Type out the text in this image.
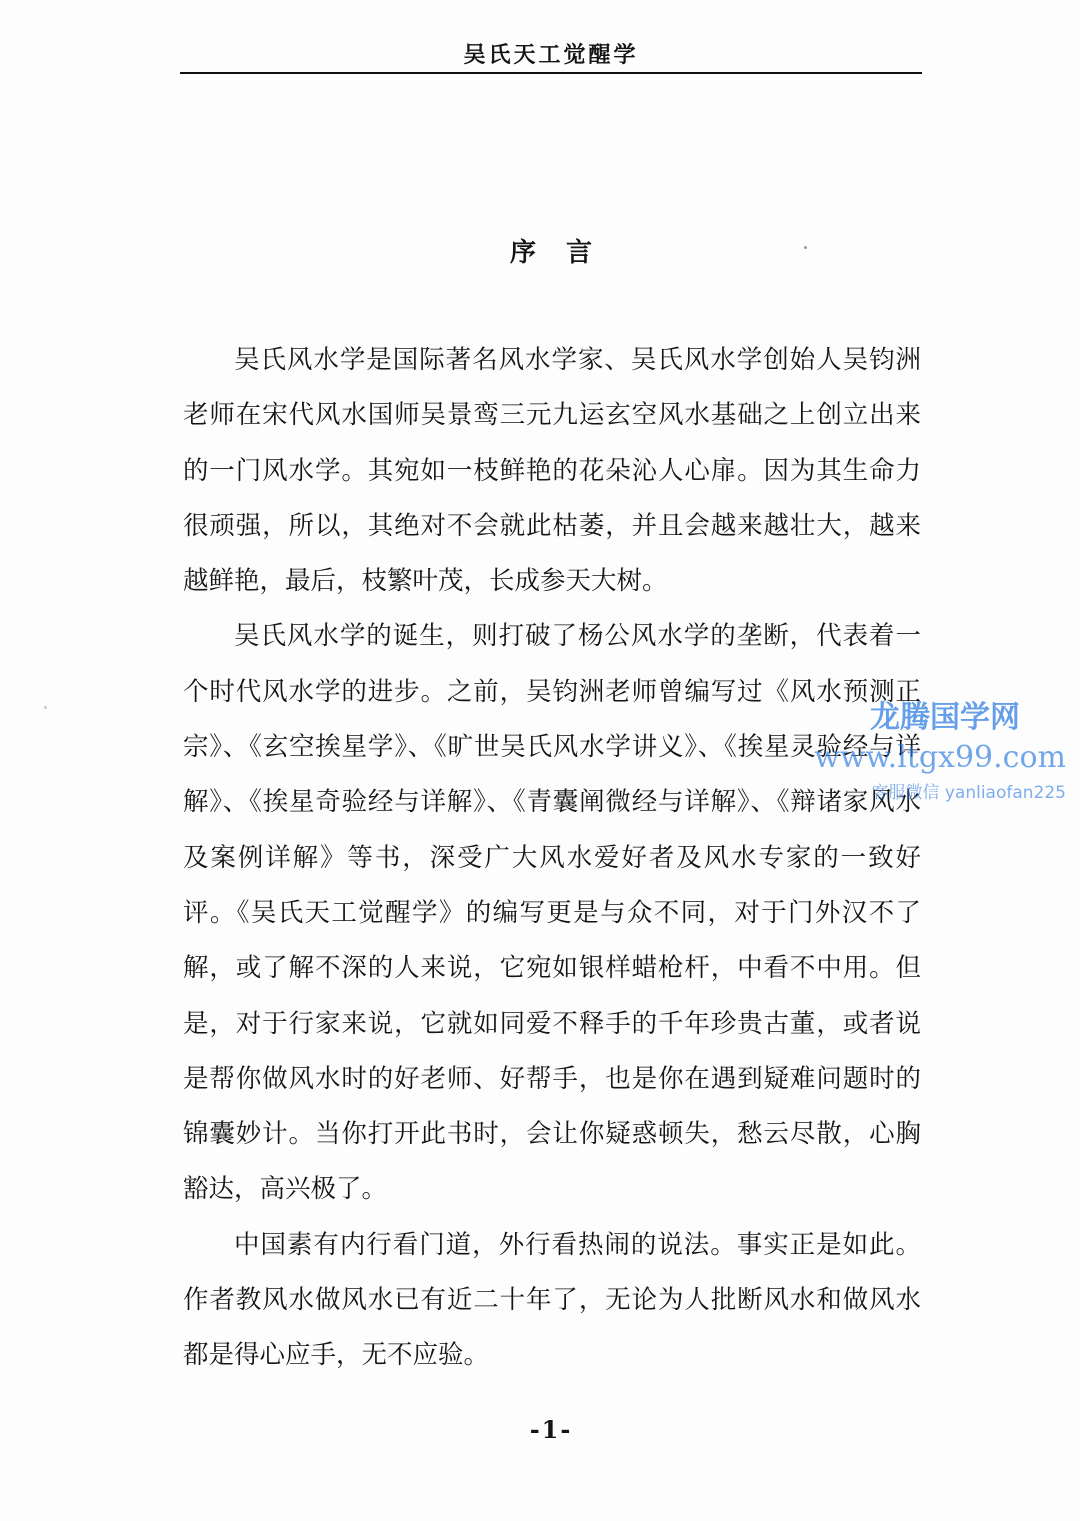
吴氏天工觉醒学
序言

吴氏风水学是国际著名风水学家、吴氏风水学创始人吴钧洲老师在宋代风水国师吴景鸾三元九运玄空风水基础之上创立出来的一门风水学。其宛如一枝鲜艳的花朵沁人心扉。因为其生命力很顽强，所以，其绝对不会就此枯萎，并且会越来越壮大，越来越鲜艳，最后，枝繁叶茂，长成参天大树。

吴氏风水学的诞生，则打破了杨公风水学的垄断，代表着一个时代风水学的进步。之前，吴钧洲老师曾编写过《风水预测正宗》、《玄空挨星学》、《旷世吴氏风水学讲义》、《挨星灵验经与详解》、《挨星奇验经与详解》、《青囊阐微经与详解》、《辩诸家风水及案例详解》等书，深受广大风水爱好者及风水专家的一致好评。《吴氏天工觉醒学》的编写更是与众不同，对于门外汉不了解，或了解不深的人来说，它宛如银样蜡枪杆，中看不中用。但是，对于行家来说，它就如同爱不释手的千年珍贵古董，或者说是帮你做风水时的好老师、好帮手，也是你在遇到疑难问题时的锦囊妙计。当你打开此书时，会让你疑惑顿失，愁云尽散，心胸豁达，高兴极了。

中国素有内行看门道，外行看热闹的说法。事实正是如此。作者教风水做风水已有近二十年了，无论为人批断风水和做风水都是得心应手，无不应验。

-1-
龙腾国学网
www.ltgx99.com
客服微信 yanliaofan225
